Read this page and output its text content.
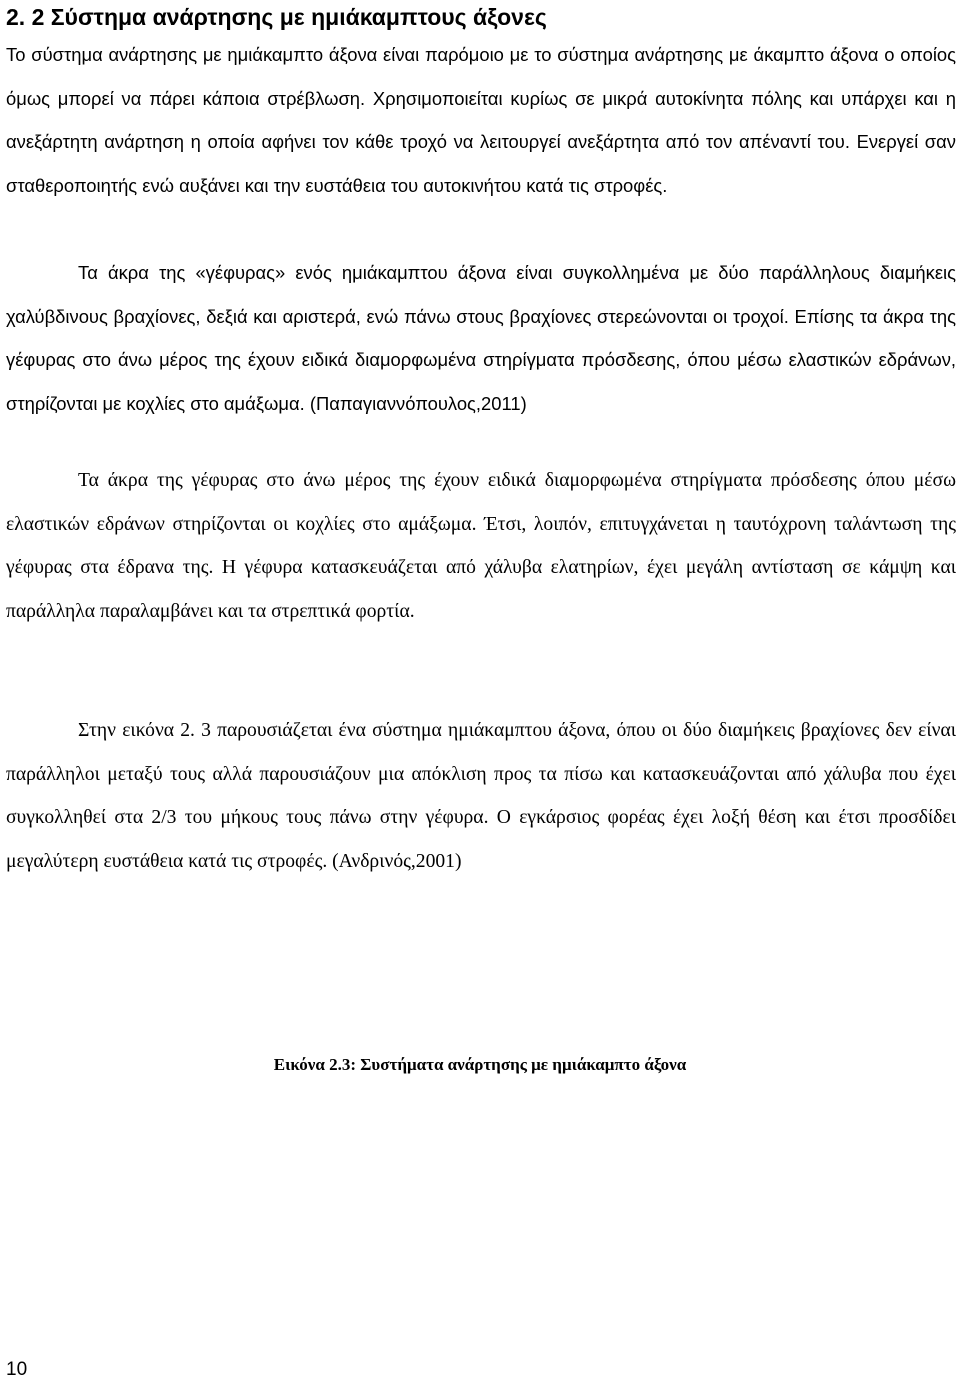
2. 2 Σύστημα ανάρτησης με ημιάκαμπτους άξονες

Το σύστημα ανάρτησης με ημιάκαμπτο άξονα είναι παρόμοιο με το σύστημα ανάρτησης με άκαμπτο άξονα ο οποίος όμως μπορεί να πάρει κάποια στρέβλωση. Χρησιμοποιείται κυρίως σε μικρά αυτοκίνητα πόλης και υπάρχει και η ανεξάρτητη ανάρτηση η οποία αφήνει τον κάθε τροχό να λειτουργεί ανεξάρτητα από τον απέναντί του. Ενεργεί σαν σταθεροποιητής ενώ αυξάνει και την ευστάθεια του αυτοκινήτου κατά τις στροφές.

Τα άκρα της «γέφυρας» ενός ημιάκαμπτου άξονα είναι συγκολλημένα με δύο παράλληλους διαμήκεις χαλύβδινους βραχίονες, δεξιά και αριστερά, ενώ πάνω στους βραχίονες στερεώνονται οι τροχοί. Επίσης τα άκρα της γέφυρας στο άνω μέρος της έχουν ειδικά διαμορφωμένα στηρίγματα πρόσδεσης, όπου μέσω ελαστικών εδράνων, στηρίζονται με κοχλίες στο αμάξωμα. (Παπαγιαννόπουλος,2011)

Τα άκρα της γέφυρας στο άνω μέρος της έχουν ειδικά διαμορφωμένα στηρίγματα πρόσδεσης όπου μέσω ελαστικών εδράνων στηρίζονται οι κοχλίες στο αμάξωμα. Έτσι, λοιπόν, επιτυγχάνεται η ταυτόχρονη ταλάντωση της γέφυρας στα έδρανα της. Η γέφυρα κατασκευάζεται από χάλυβα ελατηρίων, έχει μεγάλη αντίσταση σε κάμψη και παράλληλα παραλαμβάνει και τα στρεπτικά φορτία.

Στην εικόνα 2. 3 παρουσιάζεται ένα σύστημα ημιάκαμπτου άξονα, όπου οι δύο διαμήκεις βραχίονες δεν είναι παράλληλοι μεταξύ τους αλλά παρουσιάζουν μια απόκλιση προς τα πίσω και κατασκευάζονται από χάλυβα που έχει συγκολληθεί στα 2/3 του μήκους τους πάνω στην γέφυρα. Ο εγκάρσιος φορέας έχει λοξή θέση και έτσι προσδίδει μεγαλύτερη ευστάθεια κατά τις στροφές. (Ανδρινός,2001)

Εικόνα 2.3: Συστήματα ανάρτησης με ημιάκαμπτο άξονα

10
